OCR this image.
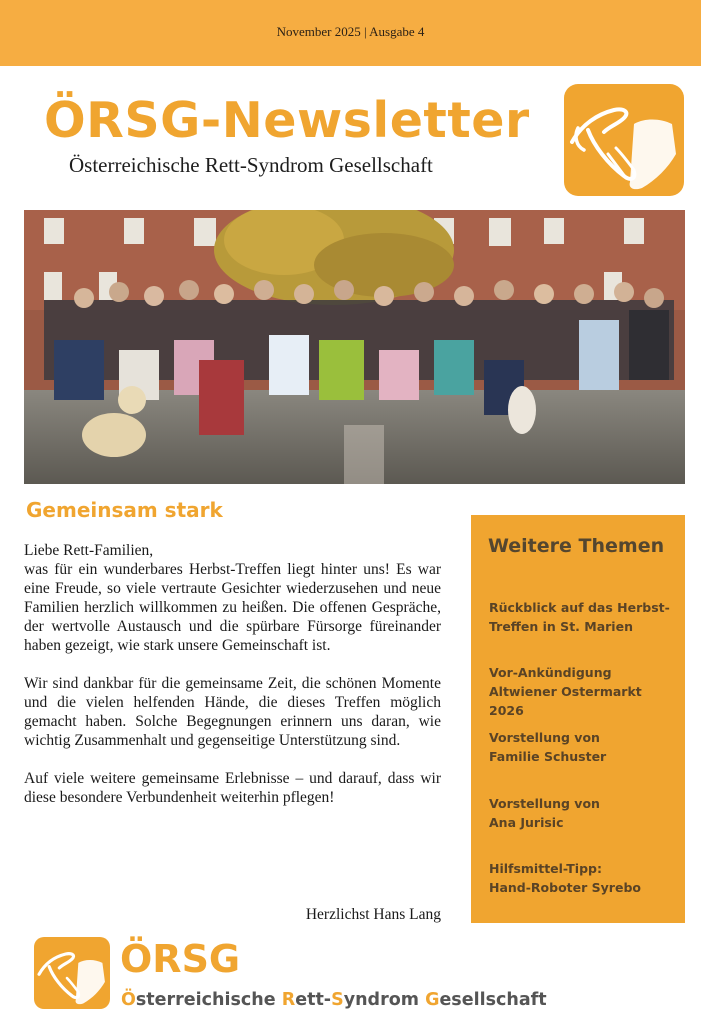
November 2025 | Ausgabe 4
ÖRSG-Newsletter
Österreichische Rett-Syndrom Gesellschaft
Gemeinsam stark

Liebe Rett-Familien,

was für ein wunderbares Herbst-Treffen liegt hinter uns! Es war eine Freude, so viele vertraute Gesichter wiederzusehen und neue Familien herzlich willkommen zu heißen. Die offenen Gespräche, der wertvolle Austausch und die spürbare Fürsorge füreinander haben gezeigt, wie stark unsere Gemeinschaft ist.

Wir sind dankbar für die gemeinsame Zeit, die schönen Momente und die vielen helfenden Hände, die dieses Treffen möglich gemacht haben. Solche Begegnungen erinnern uns daran, wie wichtig Zusammenhalt und gegenseitige Unterstützung sind.

Auf viele weitere gemeinsame Erlebnisse – und darauf, dass wir diese besondere Verbundenheit weiterhin pflegen!

Herzlichst Hans Lang
Weitere Themen
Rückblick auf das Herbst-
Treffen in St. Marien
Vor-Ankündigung
Altwiener Ostermarkt 2026
Vorstellung von
Familie Schuster
Vorstellung von
Ana Jurisic
Hilfsmittel-Tipp:
Hand-Roboter Syrebo
ÖRSG
Österreichische Rett-Syndrom Gesellschaft
